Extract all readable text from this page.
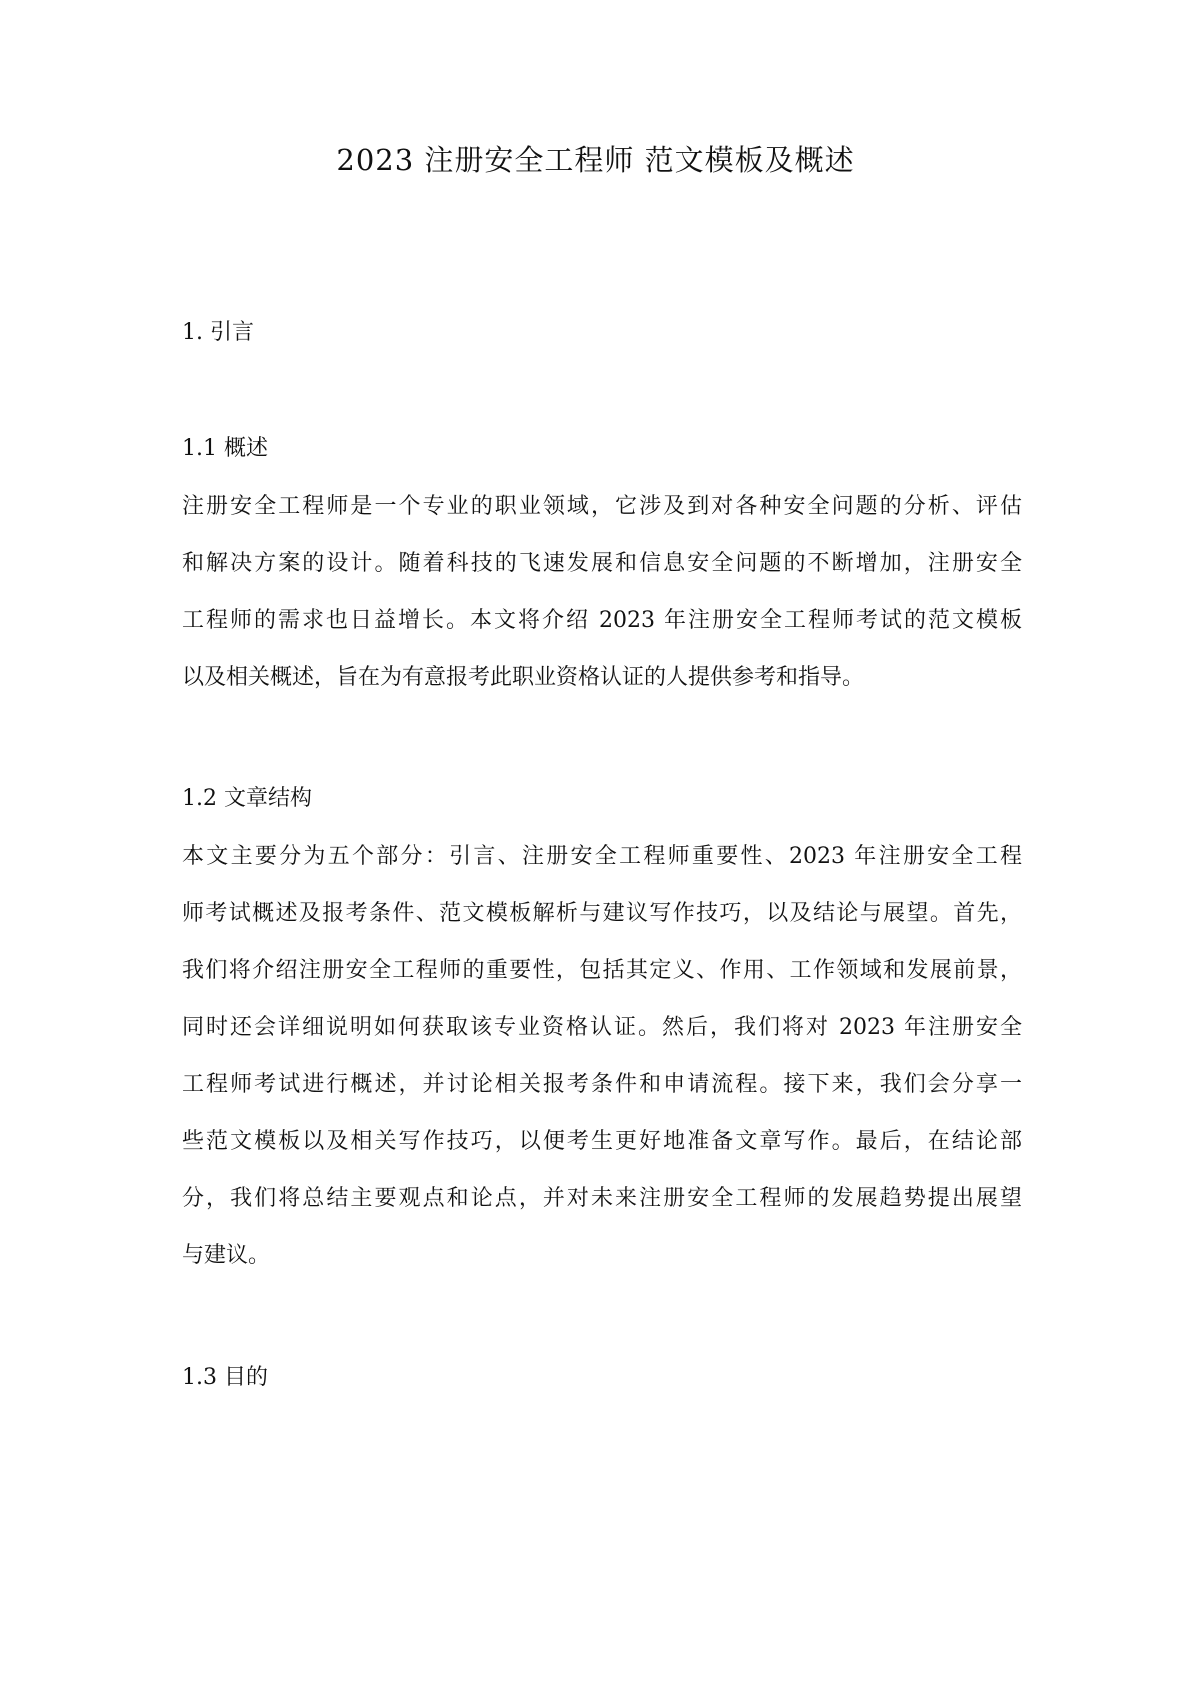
2023 注册安全工程师 范文模板及概述
1. 引言
1.1 概述
注册安全工程师是一个专业的职业领域，它涉及到对各种安全问题的分析、评估
和解决方案的设计。随着科技的飞速发展和信息安全问题的不断增加，注册安全
工程师的需求也日益增长。本文将介绍 2023 年注册安全工程师考试的范文模板
以及相关概述，旨在为有意报考此职业资格认证的人提供参考和指导。
1.2 文章结构
本文主要分为五个部分：引言、注册安全工程师重要性、2023 年注册安全工程
师考试概述及报考条件、范文模板解析与建议写作技巧，以及结论与展望。首先，
我们将介绍注册安全工程师的重要性，包括其定义、作用、工作领域和发展前景，
同时还会详细说明如何获取该专业资格认证。然后，我们将对 2023 年注册安全
工程师考试进行概述，并讨论相关报考条件和申请流程。接下来，我们会分享一
些范文模板以及相关写作技巧，以便考生更好地准备文章写作。最后，在结论部
分，我们将总结主要观点和论点，并对未来注册安全工程师的发展趋势提出展望
与建议。
1.3 目的
